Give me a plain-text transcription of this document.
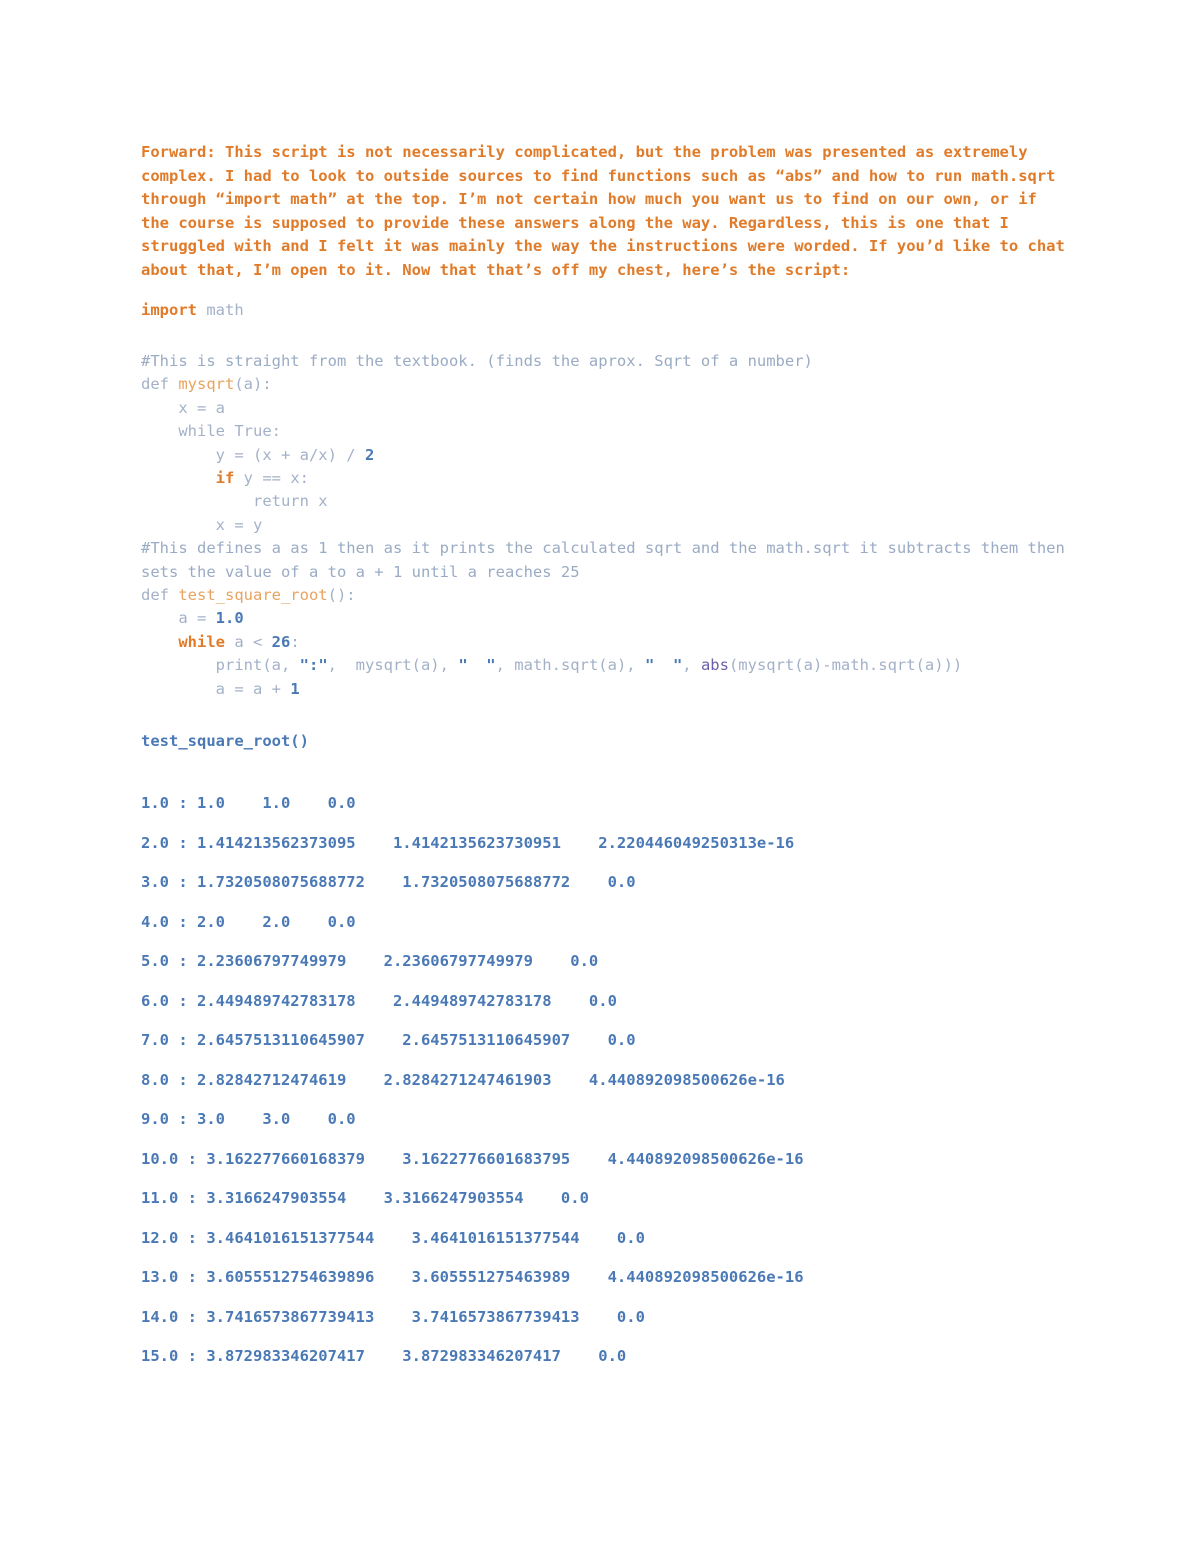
Forward: This script is not necessarily complicated, but the problem was presented as extremely complex. I had to look to outside sources to find functions such as “abs” and how to run math.sqrt through “import math” at the top. I’m not certain how much you want us to find on our own, or if the course is supposed to provide these answers along the way. Regardless, this is one that I struggled with and I felt it was mainly the way the instructions were worded. If you’d like to chat about that, I’m open to it. Now that that’s off my chest, here’s the script:

import math
#This is straight from the textbook. (finds the aprox. Sqrt of a number)
def mysqrt(a):
x = a
while True:
y = (x + a/x) / 2
if y == x:
return x
x = y
#This defines a as 1 then as it prints the calculated sqrt and the math.sqrt it subtracts them then sets the value of a to a + 1 until a reaches 25
def test_square_root():
a = 1.0
while a < 26:
print(a, ":",  mysqrt(a), "  ", math.sqrt(a), "  ", abs(mysqrt(a)-math.sqrt(a)))
a = a + 1
test_square_root()
1.0 : 1.0    1.0    0.0
2.0 : 1.414213562373095    1.4142135623730951    2.220446049250313e-16
3.0 : 1.7320508075688772    1.7320508075688772    0.0
4.0 : 2.0    2.0    0.0
5.0 : 2.23606797749979    2.23606797749979    0.0
6.0 : 2.449489742783178    2.449489742783178    0.0
7.0 : 2.6457513110645907    2.6457513110645907    0.0
8.0 : 2.82842712474619    2.8284271247461903    4.440892098500626e-16
9.0 : 3.0    3.0    0.0
10.0 : 3.162277660168379    3.1622776601683795    4.440892098500626e-16
11.0 : 3.3166247903554    3.3166247903554    0.0
12.0 : 3.4641016151377544    3.4641016151377544    0.0
13.0 : 3.6055512754639896    3.605551275463989    4.440892098500626e-16
14.0 : 3.7416573867739413    3.7416573867739413    0.0
15.0 : 3.872983346207417    3.872983346207417    0.0
